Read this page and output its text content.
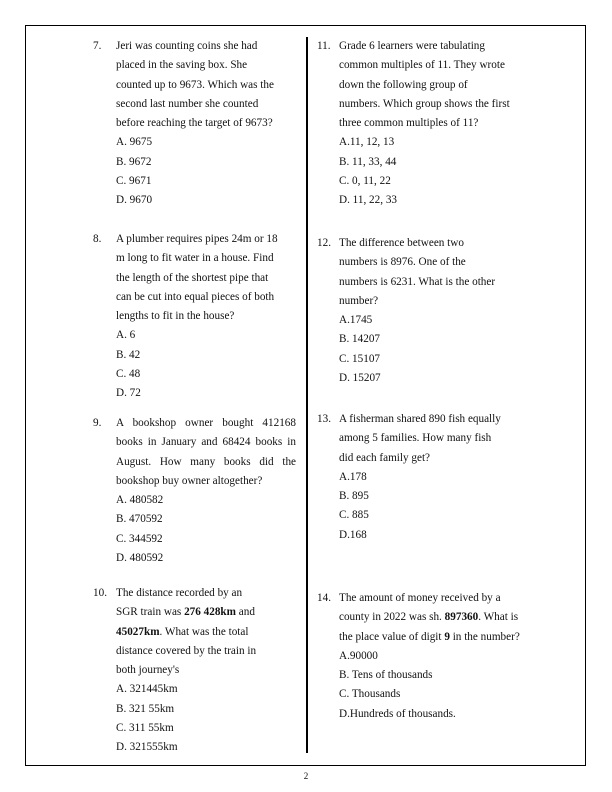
7. Jeri was counting coins she had
placed in the saving box. She
counted up to 9673. Which was the
second last number she counted
before reaching the target of 9673?
A. 9675
B. 9672
C. 9671
D. 9670
8. A plumber requires pipes 24m or 18
m long to fit water in a house. Find
the length of the shortest pipe that
can be cut into equal pieces of both
lengths to fit in the house?
A. 6
B. 42
C. 48
D. 72
9. A bookshop owner bought 412168
books in January and 68424 books in
August. How many books did the
bookshop buy owner altogether?
A. 480582
B. 470592
C. 344592
D. 480592
10. The distance recorded by an
SGR train was 276 428km and
45027km. What was the total
distance covered by the train in
both journey's
A. 321445km
B. 321 55km
C. 311 55km
D. 321555km
11. Grade 6 learners were tabulating
common multiples of 11. They wrote
down the following group of
numbers. Which group shows the first
three common multiples of 11?
A.11, 12, 13
B. 11, 33, 44
C. 0, 11, 22
D. 11, 22, 33
12. The difference between two
numbers is 8976. One of the
numbers is 6231. What is the other
number?
A.1745
B. 14207
C. 15107
D. 15207
13. A fisherman shared 890 fish equally
among 5 families. How many fish
did each family get?
A.178
B. 895
C. 885
D.168
14. The amount of money received by a
county in 2022 was sh. 897360. What is
the place value of digit 9 in the number?
A.90000
B. Tens of thousands
C. Thousands
D.Hundreds of thousands.
2
